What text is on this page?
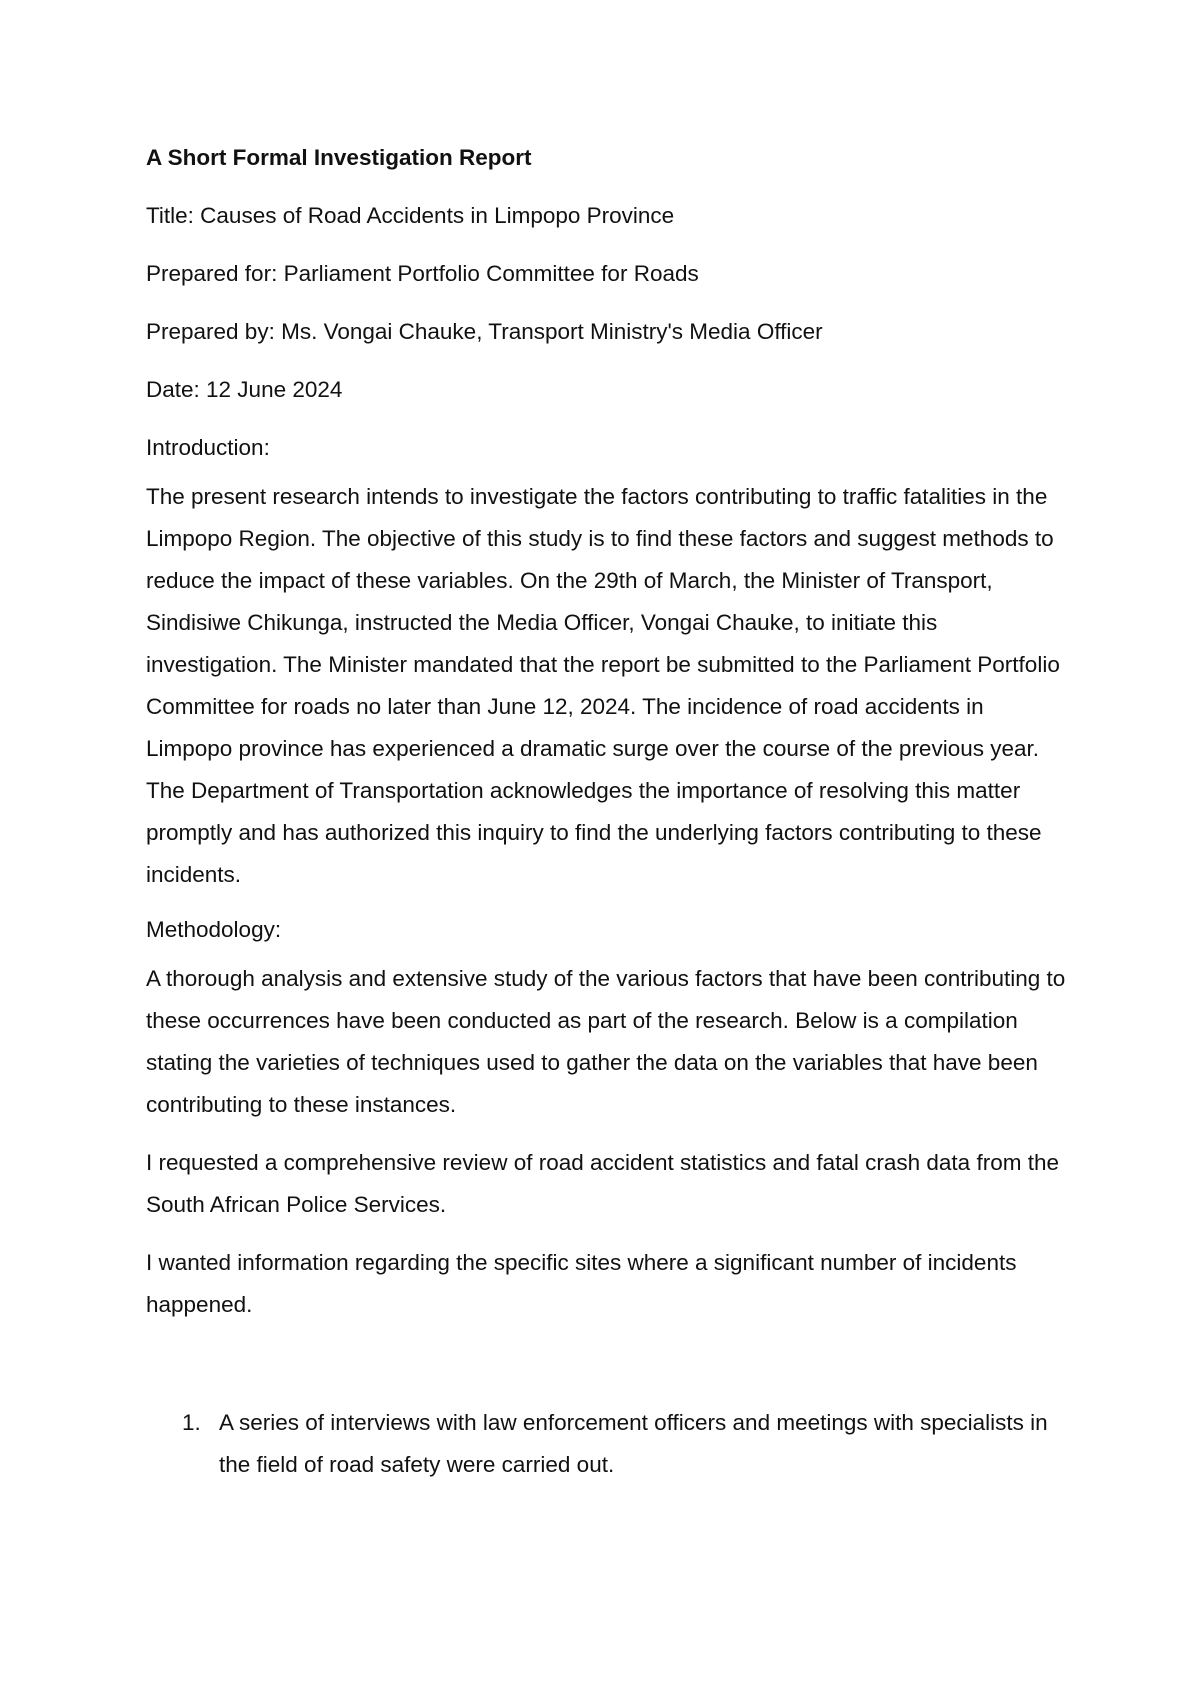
A Short Formal Investigation Report
Title: Causes of Road Accidents in Limpopo Province
Prepared for: Parliament Portfolio Committee for Roads
Prepared by: Ms. Vongai Chauke, Transport Ministry's Media Officer
Date: 12 June 2024
Introduction:
The present research intends to investigate the factors contributing to traffic fatalities in the Limpopo Region. The objective of this study is to find these factors and suggest methods to reduce the impact of these variables. On the 29th of March, the Minister of Transport, Sindisiwe Chikunga, instructed the Media Officer, Vongai Chauke, to initiate this investigation. The Minister mandated that the report be submitted to the Parliament Portfolio Committee for roads no later than June 12, 2024. The incidence of road accidents in Limpopo province has experienced a dramatic surge over the course of the previous year. The Department of Transportation acknowledges the importance of resolving this matter promptly and has authorized this inquiry to find the underlying factors contributing to these incidents.
Methodology:
A thorough analysis and extensive study of the various factors that have been contributing to these occurrences have been conducted as part of the research. Below is a compilation stating the varieties of techniques used to gather the data on the variables that have been contributing to these instances.
I requested a comprehensive review of road accident statistics and fatal crash data from the South African Police Services.
I wanted information regarding the specific sites where a significant number of incidents happened.
1. A series of interviews with law enforcement officers and meetings with specialists in the field of road safety were carried out.
